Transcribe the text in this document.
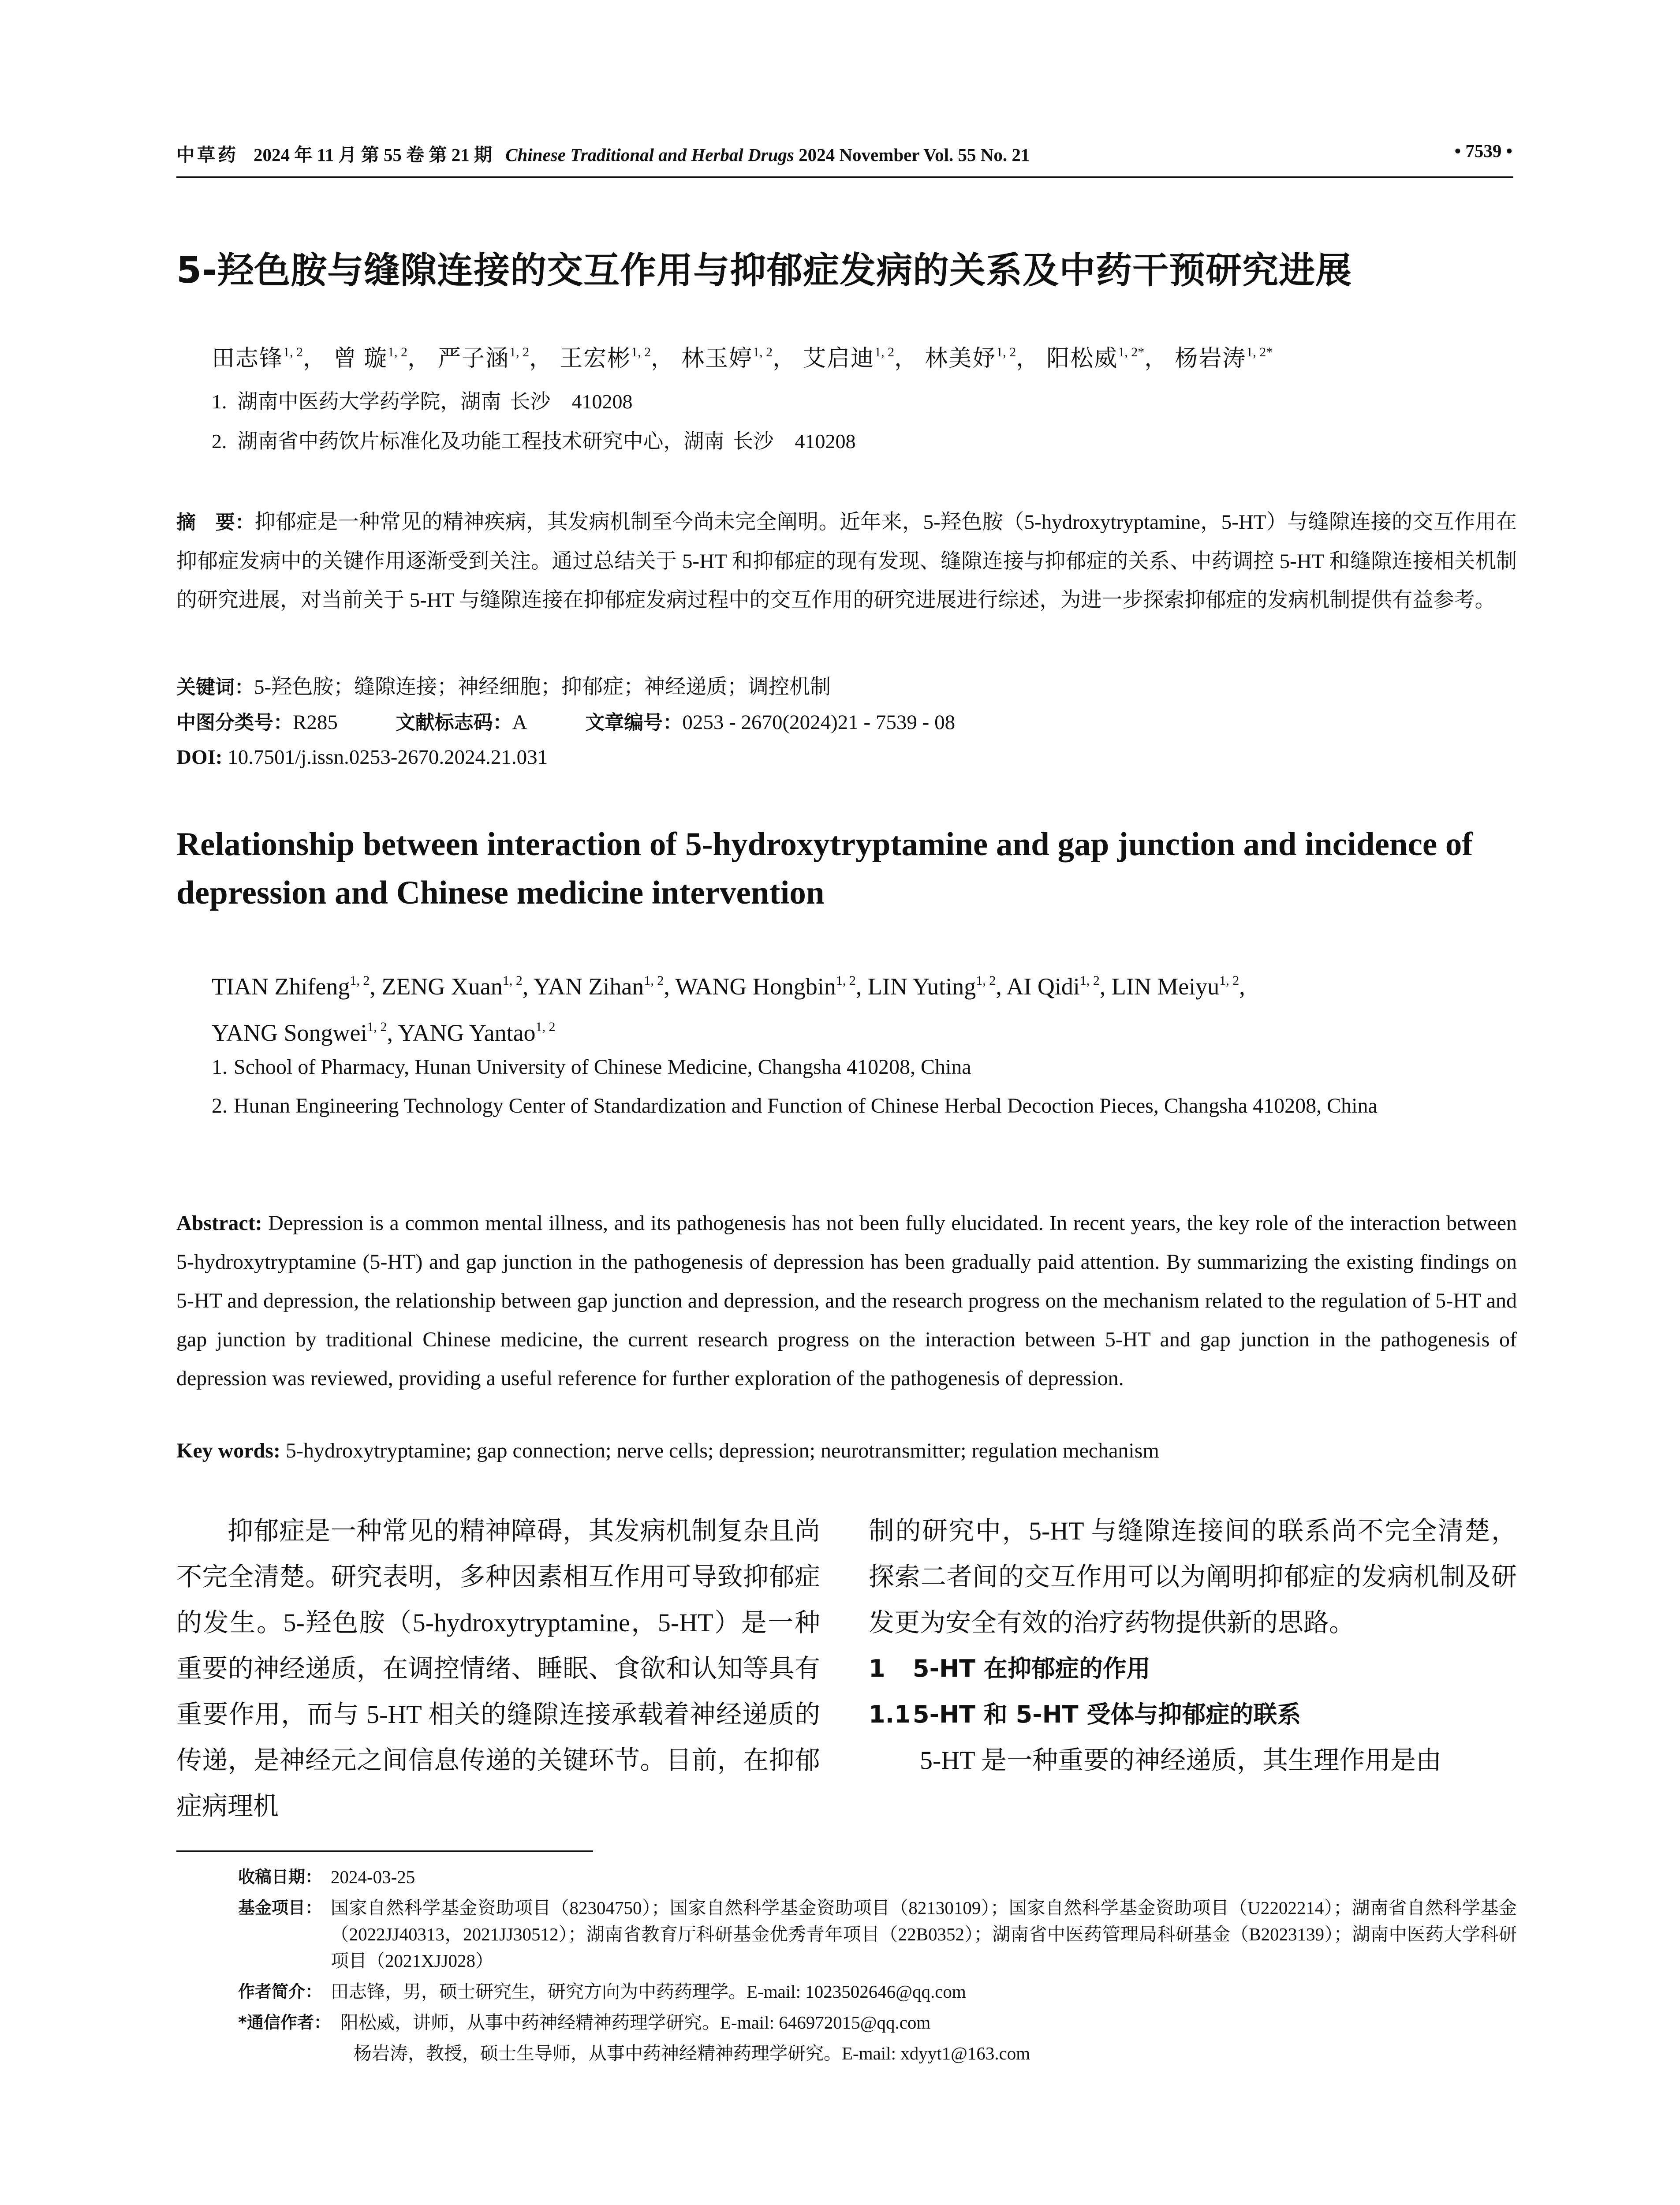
中草药 2024 年 11 月 第 55 卷 第 21 期 Chinese Traditional and Herbal Drugs 2024 November Vol. 55 No. 21	• 7539 •
5-羟色胺与缝隙连接的交互作用与抑郁症发病的关系及中药干预研究进展
田志锋$^{1, 2}$， 曾 璇$^{1, 2}$， 严子涵$^{1, 2}$， 王宏彬$^{1, 2}$， 林玉婷$^{1, 2}$， 艾启迪$^{1, 2}$， 林美妤$^{1, 2}$， 阳松威$^{1, 2*}$， 杨岩涛$^{1, 2*}$
1. 湖南中医药大学药学院，湖南 长沙 410208
2. 湖南省中药饮片标准化及功能工程技术研究中心，湖南 长沙 410208
摘　要：抑郁症是一种常见的精神疾病，其发病机制至今尚未完全阐明。近年来，5-羟色胺（5-hydroxytryptamine，5-HT）与缝隙连接的交互作用在抑郁症发病中的关键作用逐渐受到关注。通过总结关于 5-HT 和抑郁症的现有发现、缝隙连接与抑郁症的关系、中药调控 5-HT 和缝隙连接相关机制的研究进展，对当前关于 5-HT 与缝隙连接在抑郁症发病过程中的交互作用的研究进展进行综述，为进一步探索抑郁症的发病机制提供有益参考。
关键词：5-羟色胺；缝隙连接；神经细胞；抑郁症；神经递质；调控机制
中图分类号：R285	文献标志码：A	文章编号：0253 - 2670(2024)21 - 7539 - 08
DOI: 10.7501/j.issn.0253-2670.2024.21.031
Relationship between interaction of 5-hydroxytryptamine and gap junction and incidence of depression and Chinese medicine intervention
TIAN Zhifeng$^{1, 2}$, ZENG Xuan$^{1, 2}$, YAN Zihan$^{1, 2}$, WANG Hongbin$^{1, 2}$, LIN Yuting$^{1, 2}$, AI Qidi$^{1, 2}$, LIN Meiyu$^{1, 2}$,
YANG Songwei$^{1, 2}$, YANG Yantao$^{1, 2}$
1. School of Pharmacy, Hunan University of Chinese Medicine, Changsha 410208, China
2. Hunan Engineering Technology Center of Standardization and Function of Chinese Herbal Decoction Pieces, Changsha 410208, China
Abstract: Depression is a common mental illness, and its pathogenesis has not been fully elucidated. In recent years, the key role of the interaction between 5-hydroxytryptamine (5-HT) and gap junction in the pathogenesis of depression has been gradually paid attention. By summarizing the existing findings on 5-HT and depression, the relationship between gap junction and depression, and the research progress on the mechanism related to the regulation of 5-HT and gap junction by traditional Chinese medicine, the current research progress on the interaction between 5-HT and gap junction in the pathogenesis of depression was reviewed, providing a useful reference for further exploration of the pathogenesis of depression.
Key words: 5-hydroxytryptamine; gap connection; nerve cells; depression; neurotransmitter; regulation mechanism
抑郁症是一种常见的精神障碍，其发病机制复杂且尚不完全清楚。研究表明，多种因素相互作用可导致抑郁症的发生。5-羟色胺（5-hydroxytryptamine，5-HT）是一种重要的神经递质，在调控情绪、睡眠、食欲和认知等具有重要作用，而与 5-HT 相关的缝隙连接承载着神经递质的传递，是神经元之间信息传递的关键环节。目前，在抑郁症病理机
制的研究中，5-HT 与缝隙连接间的联系尚不完全清楚，探索二者间的交互作用可以为阐明抑郁症的发病机制及研发更为安全有效的治疗药物提供新的思路。
1 5-HT 在抑郁症的作用
1.15-HT 和 5-HT 受体与抑郁症的联系
5-HT 是一种重要的神经递质，其生理作用是由
收稿日期： 2024-03-25
基金项目： 国家自然科学基金资助项目（82304750）；国家自然科学基金资助项目（82130109）；国家自然科学基金资助项目（U2202214）；湖南省自然科学基金（2022JJ40313，2021JJ30512）；湖南省教育厅科研基金优秀青年项目（22B0352）；湖南省中医药管理局科研基金（B2023139）；湖南中医药大学科研项目（2021XJJ028）
作者简介： 田志锋，男，硕士研究生，研究方向为中药药理学。E-mail: 1023502646@qq.com
*通信作者： 阳松威，讲师，从事中药神经精神药理学研究。E-mail: 646972015@qq.com
杨岩涛，教授，硕士生导师，从事中药神经精神药理学研究。E-mail: xdyyt1@163.com
